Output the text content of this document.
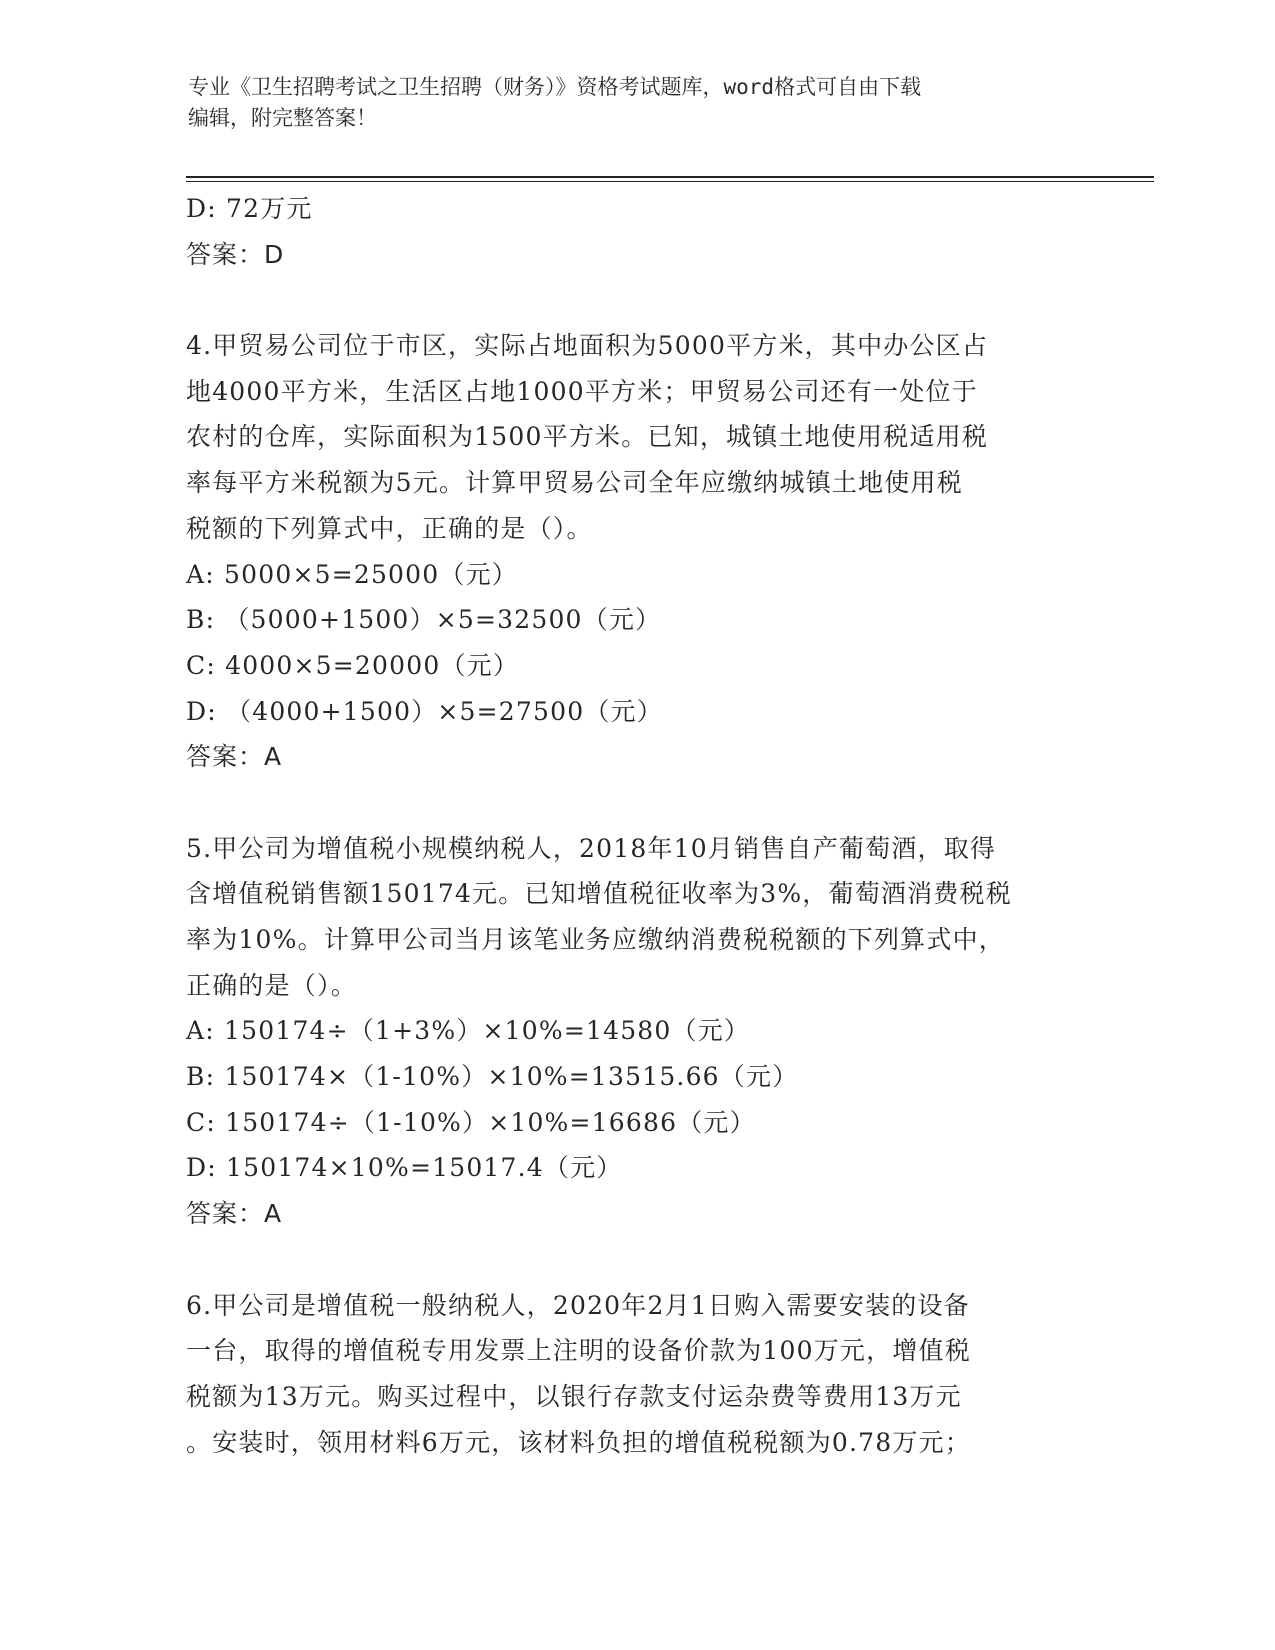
专业《卫生招聘考试之卫生招聘（财务）》资格考试题库，word格式可自由下载
编辑，附完整答案！
D: 72万元
答案：D
4.甲贸易公司位于市区，实际占地面积为5000平方米，其中办公区占
地4000平方米，生活区占地1000平方米；甲贸易公司还有一处位于
农村的仓库，实际面积为1500平方米。已知，城镇土地使用税适用税
率每平方米税额为5元。计算甲贸易公司全年应缴纳城镇土地使用税
税额的下列算式中，正确的是（）。
A: 5000×5=25000（元）
B: （5000+1500）×5=32500（元）
C: 4000×5=20000（元）
D: （4000+1500）×5=27500（元）
答案：A
5.甲公司为增值税小规模纳税人，2018年10月销售自产葡萄酒，取得
含增值税销售额150174元。已知增值税征收率为3%，葡萄酒消费税税
率为10%。计算甲公司当月该笔业务应缴纳消费税税额的下列算式中，
正确的是（）。
A: 150174÷（1+3%）×10%=14580（元）
B: 150174×（1-10%）×10%=13515.66（元）
C: 150174÷（1-10%）×10%=16686（元）
D: 150174×10%=15017.4（元）
答案：A
6.甲公司是增值税一般纳税人，2020年2月1日购入需要安装的设备
一台，取得的增值税专用发票上注明的设备价款为100万元，增值税
税额为13万元。购买过程中，以银行存款支付运杂费等费用13万元
。安装时，领用材料6万元，该材料负担的增值税税额为0.78万元；
